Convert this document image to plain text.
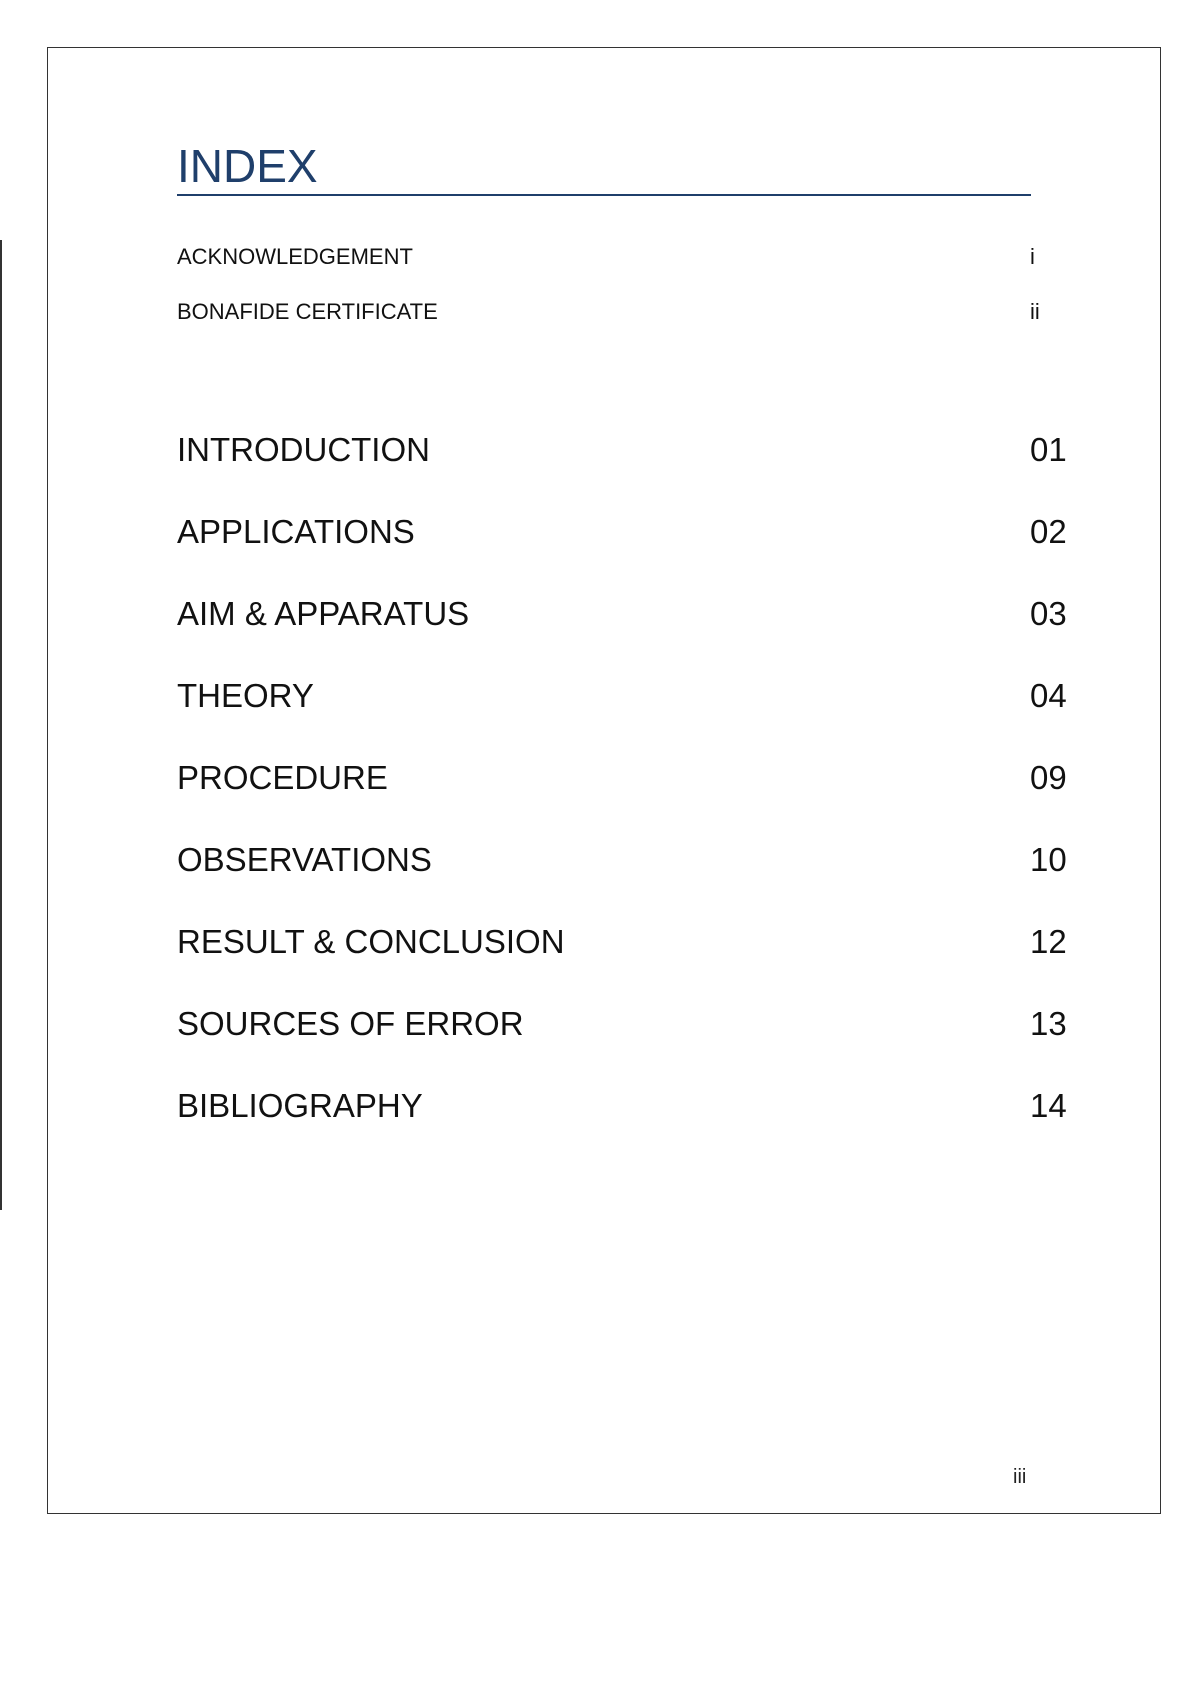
INDEX
ACKNOWLEDGEMENT	i
BONAFIDE CERTIFICATE	ii
INTRODUCTION	01
APPLICATIONS	02
AIM & APPARATUS	03
THEORY	04
PROCEDURE	09
OBSERVATIONS	10
RESULT & CONCLUSION	12
SOURCES OF ERROR	13
BIBLIOGRAPHY	14
iii
